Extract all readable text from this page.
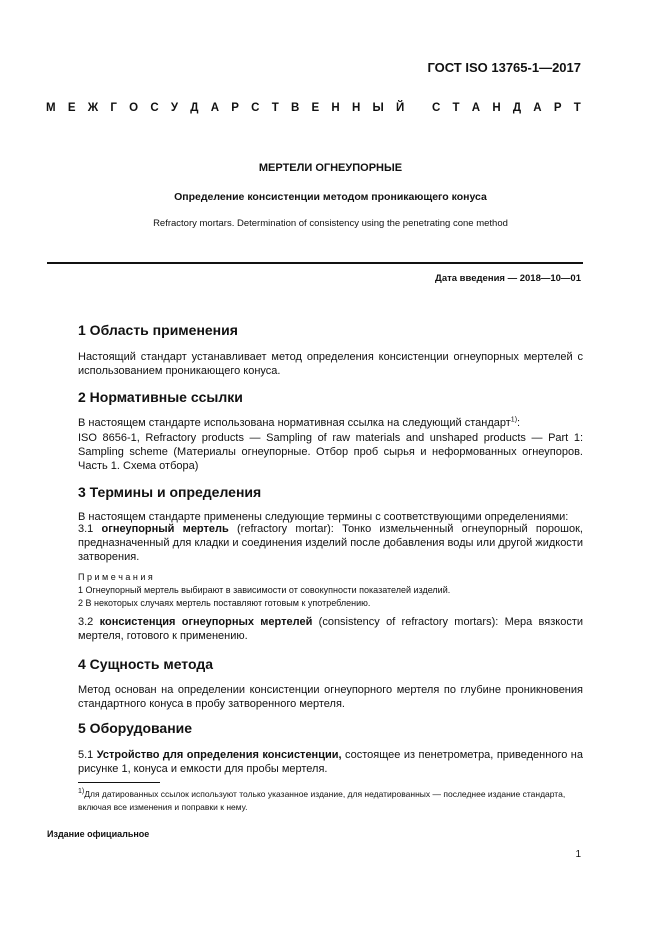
ГОСТ ISO 13765-1—2017
М Е Ж Г О С У Д А Р С Т В Е Н Н Ы Й
С Т А Н Д А Р Т
МЕРТЕЛИ ОГНЕУПОРНЫЕ
Определение консистенции методом проникающего конуса
Refractory mortars. Determination of consistency using the penetrating cone method
Дата введения — 2018—10—01
1 Область применения
Настоящий стандарт устанавливает метод определения консистенции огнеупорных мертелей с использованием проникающего конуса.
2 Нормативные ссылки
В настоящем стандарте использована нормативная ссылка на следующий стандарт$^{1)}$:
ISO 8656-1, Refractory products — Sampling of raw materials and unshaped products — Part 1: Sampling scheme (Материалы огнеупорные. Отбор проб сырья и неформованных огнеупоров. Часть 1. Схема отбора)
3 Термины и определения
В настоящем стандарте применены следующие термины с соответствующими определениями:
3.1 огнеупорный мертель (refractory mortar): Тонко измельченный огнеупорный порошок, предназначенный для кладки и соединения изделий после добавления воды или другой жидкости затворения.
П р и м е ч а н и я
1 Огнеупорный мертель выбирают в зависимости от совокупности показателей изделий.
2 В некоторых случаях мертель поставляют готовым к употреблению.
3.2 консистенция огнеупорных мертелей (consistency of refractory mortars): Мера вязкости мертеля, готового к применению.
4 Сущность метода
Метод основан на определении консистенции огнеупорного мертеля по глубине проникновения стандартного конуса в пробу затворенного мертеля.
5 Оборудование
5.1 Устройство для определения консистенции, состоящее из пенетрометра, приведенного на рисунке 1, конуса и емкости для пробы мертеля.
$^{1)}$Для датированных ссылок используют только указанное издание, для недатированных — последнее издание стандарта, включая все изменения и поправки к нему.
Издание официальное
1
